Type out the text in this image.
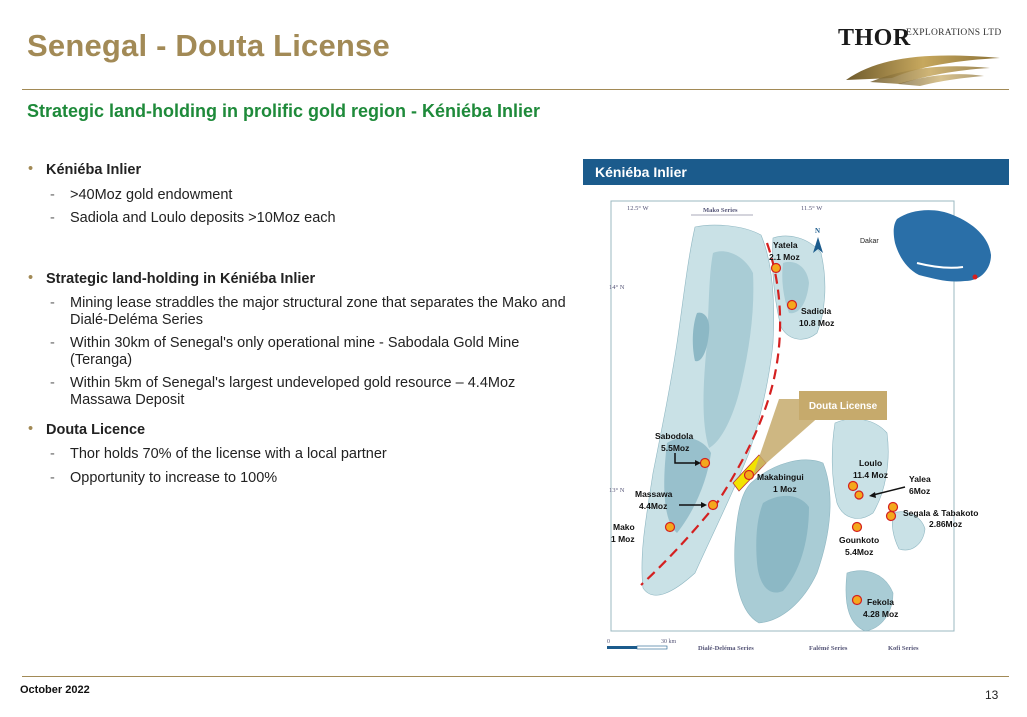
Senegal - Douta License	THOR
EXPLORATIONS LTD
Strategic land-holding in prolific gold region - Kéniéba Inlier
• Kéniéba Inlier
- >40Moz gold endowment
- Sadiola and Loulo deposits >10Moz each
• Strategic land-holding in Kéniéba Inlier
- Mining lease straddles the major structural zone that separates the Mako and Dialé-Deléma Series
- Within 30km of Senegal's only operational mine - Sabodala Gold Mine (Teranga)
- Within 5km of Senegal's largest undeveloped gold resource – 4.4Moz Massawa Deposit
• Douta Licence
- Thor holds 70% of the license with a local partner
- Opportunity to increase to 100%
Kéniéba Inlier
12.5° W	11.5° W
Mako Series
14° N
13° N
Douta License
N
Dakar
Yatela
2.1 Moz
Sadiola
10.8 Moz
Sabodola
5.5Moz
Makabingui
1 Moz
Massawa
4.4Moz
Mako
1 Moz
Loulo
11.4 Moz Yalea
6Moz
Segala & Tabakoto
2.86Moz
Gounkoto
5.4Moz
Fekola
4.28 Moz
0	30 km
Dialé-Deléma Series	Falémé Series	Kofi Series
October 2022	13
